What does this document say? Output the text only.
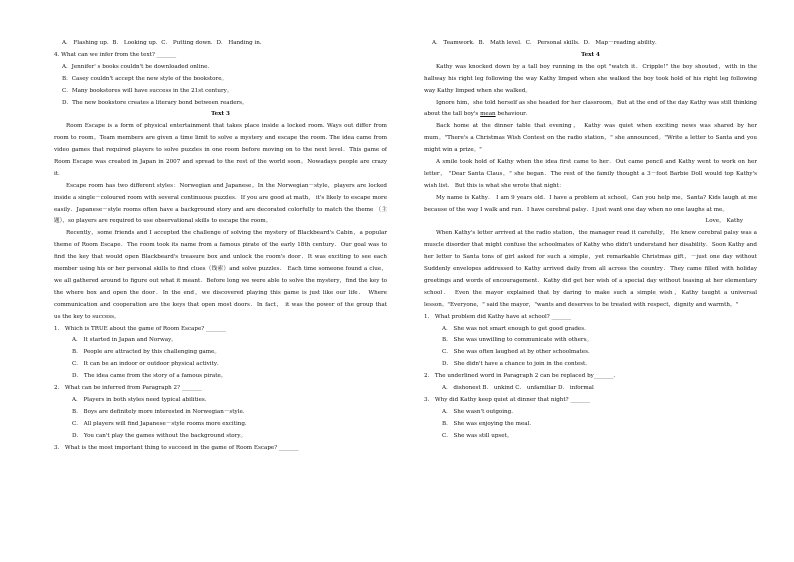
A． Flashing up．B． Looking up．C． Putting down．D． Handing in．
4. What can we infer from the text? _______
A．Jennifer' s books couldn't be downloaded online．
B．Casey couldn't accept the new style of the bookstore。
C．Many bookstores will have success in the 21st century。
D．The new bookstore creates a literary bond between readers。
Text 3
Room Escape is a form of physical entertainment that takes place inside a locked room. Ways out differ from
room to room。Team members are given a time limit to solve a mystery and escape the room. The idea came from
video games that required players to solve puzzles in one room before moving on to the next level．This game of
Room Escape was created in Japan in 2007 and spread to the rest of the world soon。Nowadays people are crazy
it．
Escape room has two different styles：Norwegian and Japanese。In the Norwegian－style，players are locked
inside a single－coloured room with several continuous puzzles．If you are good at math， it's likely to escape more
easily．Japanese－style rooms often have a background story and are decorated colorfully to match the theme （主
题），so players are required to use observational skills to escape the room。
Recently，some friends and I accepted the challenge of solving the mystery of Blackbeard's Cabin，a popular
theme of Room Escape．The room took its name from a famous pirate of the early 18th century．Our goal was to
find the key that would open Blackbeard's treasure box and unlock the room's door．It was exciting to see each
member using his or her personal skills to find clues（线索）and solve puzzles． Each time someone found a clue，
we all gathered around to figure out what it meant．Before long we were able to solve the mystery，find the key to
the where box and open the door．In the end，we discovered playing this game is just like our life． Where
communication and cooperation are the keys that open most doors．In fact， it was the power of the group that
us the key to success。
1． Which is TRUE about the game of Room Escape? _______
A． It started in Japan and Norway。
B． People are attracted by this challenging game。
C． It can be an indoor or outdoor physical activity．
D． The idea came from the story of a famous pirate。
2． What can be inferred from Paragraph 2? _______
A． Players in both styles need typical abilities．
B． Boys are definitely more interested in Norwegian－style．
C． All players will find Japanese－style rooms more exciting．
D． You can't play the games without the background story。
3． What is the most important thing to succeed in the game of Room Escape? _______
A． Teamwork．B． Math level．C． Personal skills．D． Map－reading ability．
Text 4
Kathy was knocked down by a tall boy running in the opt "watch it．Cripple!" the boy shouted，with in the
hallway his right leg following the way Kathy limped when she walked the boy took hold of his right leg following
way Kathy limped when she walked。
Ignore him，she told herself as she headed for her classroom。But at the end of the day Kathy was still thinking
about the tall boy's mean behaviour．
Back home at the dinner table that evening， Kathy was quiet when exciting news was shared by her
mum。"There's a Christmas Wish Contest on the radio station，" she announced。"Write a letter to Santa and you
might win a prize。"
A smile took hold of Kathy when the idea first came to her．Out came pencil and Kathy went to work on her
letter， "Dear Santa Claus，" she began．The rest of the family thought a 3－foot Barbie Doll would top Kathy's
wish list． But this is what she wrote that night：
My name is Kathy． I am 9 years old．I have a problem at school。Can you help me，Santa? Kids laugh at me
because of the way I walk and run．I have cerebral palsy．I just want one day when no one laughs at me。
Love， Kathy
When Kathy's letter arrived at the radio station，the manager read it carefully， He knew cerebral palsy was a
muscle disorder that might confuse the schoolmates of Kathy who didn't understand her disability．Soon Kathy and
her letter to Santa tons of girl asked for such a simple，yet remarkable Christmas gift，－just one day without
Suddenly envelopes addressed to Kathy arrived daily from all across the country．They came filled with holiday
greetings and words of encouragement．Kathy did get her wish of a special day without teasing at her elementary
school． Even the mayor explained that by daring to make such a simple wish，Kathy taught a universal
lesson。"Everyone，" said the mayor，"wants and deserves to be treated with respect，dignity and warmth。"
1． What problem did Kathy have at school? _______
A． She was not smart enough to get good grades．
B． She was unwilling to communicate with others。
C． She was often laughed at by other schoolmates．
D． She didn't have a chance to join in the contest．
2． The underlined word in Paragraph 2 can be replaced by_______．
A． dishonest B． unkind C． unfamiliar D． informal
3． Why did Kathy keep quiet at dinner that night? _______
A． She wasn't outgoing．
B． She was enjoying the meal．
C． She was still upset。
